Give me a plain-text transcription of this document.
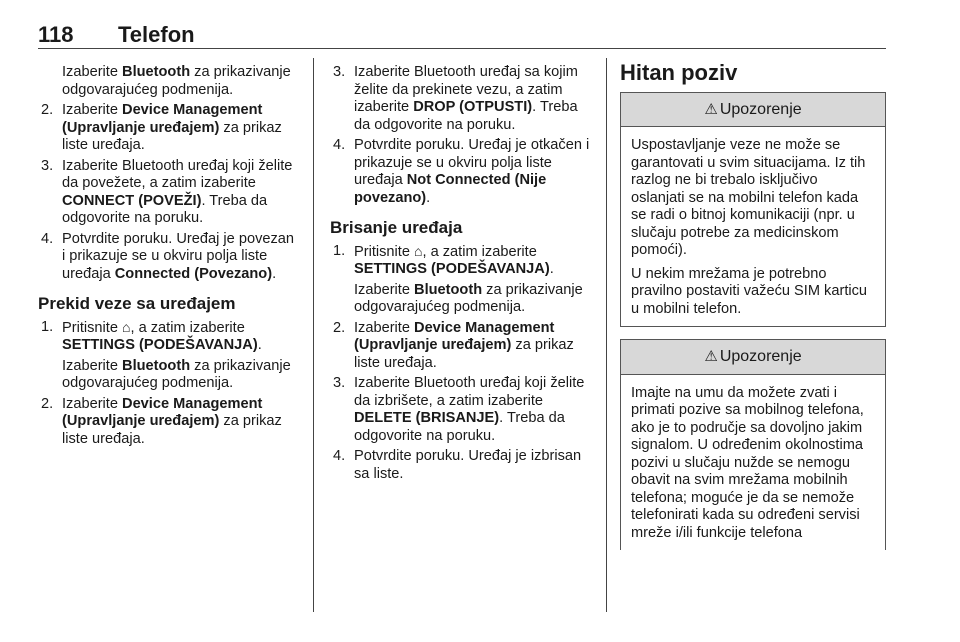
118 Telefon

Izaberite Bluetooth za prikazivanje odgovarajućeg podmenija.

2. Izaberite Device Management (Upravljanje uređajem) za prikaz liste uređaja.
3. Izaberite Bluetooth uređaj koji želite da povežete, a zatim izaberite CONNECT (POVEŽI). Treba da odgovorite na poruku.
4. Potvrdite poruku. Uređaj je povezan i prikazuje se u okviru polja liste uređaja Connected (Povezano).
Prekid veze sa uređajem
1. Pritisnite ⌂, a zatim izaberite SETTINGS (PODEŠAVANJA).

Izaberite Bluetooth za prikazivanje odgovarajućeg podmenija.

2. Izaberite Device Management (Upravljanje uređajem) za prikaz liste uređaja.
3. Izaberite Bluetooth uređaj sa kojim želite da prekinete vezu, a zatim izaberite DROP (OTPUSTI). Treba da odgovorite na poruku.
4. Potvrdite poruku. Uređaj je otkačen i prikazuje se u okviru polja liste uređaja Not Connected (Nije povezano).
Brisanje uređaja
1. Pritisnite ⌂, a zatim izaberite SETTINGS (PODEŠAVANJA).

Izaberite Bluetooth za prikazivanje odgovarajućeg podmenija.

2. Izaberite Device Management (Upravljanje uređajem) za prikaz liste uređaja.
3. Izaberite Bluetooth uređaj koji želite da izbrišete, a zatim izaberite DELETE (BRISANJE). Treba da odgovorite na poruku.
4. Potvrdite poruku. Uređaj je izbrisan sa liste.
Hitan poziv
⚠ Upozorenje

Uspostavljanje veze ne može se garantovati u svim situacijama. Iz tih razlog ne bi trebalo isključivo oslanjati se na mobilni telefon kada se radi o bitnoj komunikaciji (npr. u slučaju potrebe za medicinskom pomoći).

U nekim mrežama je potrebno pravilno postaviti važeću SIM karticu u mobilni telefon.

⚠ Upozorenje

Imajte na umu da možete zvati i primati pozive sa mobilnog telefona, ako je to područje sa dovoljno jakim signalom. U određenim okolnostima pozivi u slučaju nužde se nemogu obavit na svim mrežama mobilnih telefona; moguće je da se nemože telefonirati kada su određeni servisi mreže i/ili funkcije telefona
